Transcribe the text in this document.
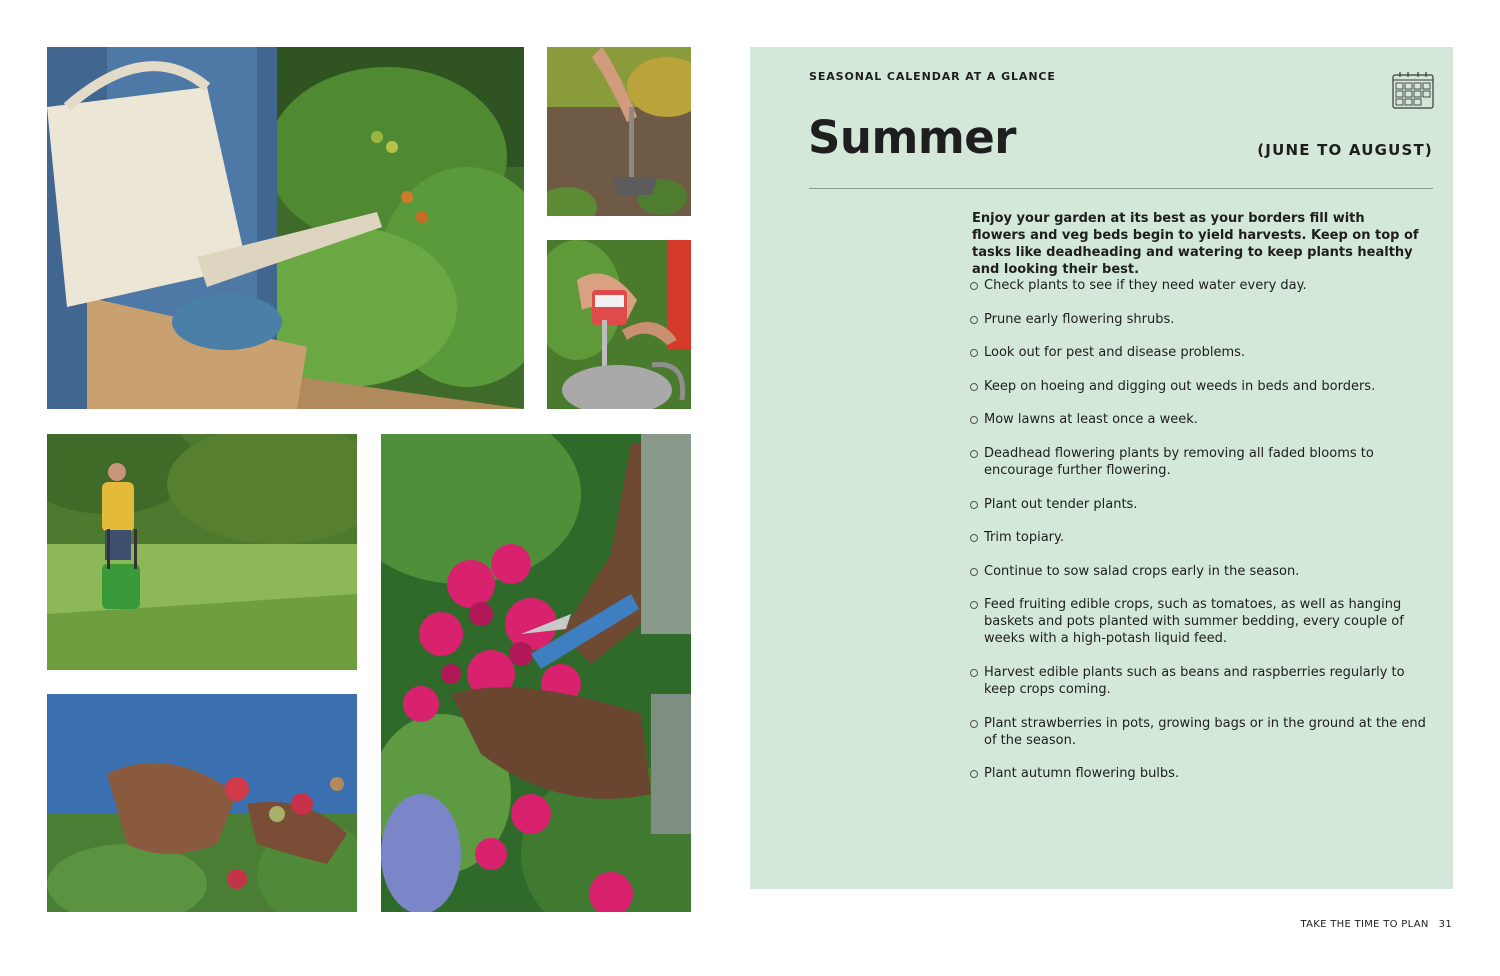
SEASONAL CALENDAR AT A GLANCE

Summer	(JUNE TO AUGUST)

Enjoy your garden at its best as your borders fill with flowers and veg beds begin to yield harvests. Keep on top of tasks like deadheading and watering to keep plants healthy and looking their best.

Check plants to see if they need water every day.
Prune early flowering shrubs.
Look out for pest and disease problems.
Keep on hoeing and digging out weeds in beds and borders.
Mow lawns at least once a week.
Deadhead flowering plants by removing all faded blooms to encourage further flowering.
Plant out tender plants.
Trim topiary.
Continue to sow salad crops early in the season.
Feed fruiting edible crops, such as tomatoes, as well as hanging baskets and pots planted with summer bedding, every couple of weeks with a high-potash liquid feed.
Harvest edible plants such as beans and raspberries regularly to keep crops coming.
Plant strawberries in pots, growing bags or in the ground at the end of the season.
Plant autumn flowering bulbs.

TAKE THE TIME TO PLAN 31
